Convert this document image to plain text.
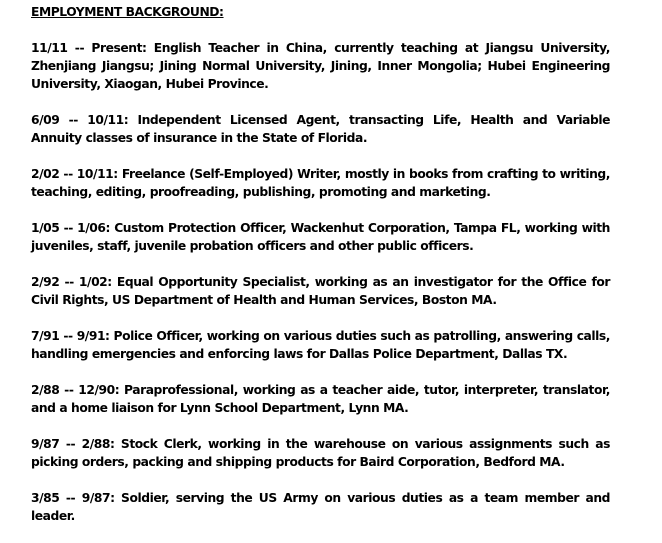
EMPLOYMENT BACKGROUND:

11/11 -- Present: English Teacher in China, currently teaching at Jiangsu University, Zhenjiang Jiangsu; Jining Normal University, Jining, Inner Mongolia; Hubei Engineering University, Xiaogan, Hubei Province.

6/09 -- 10/11: Independent Licensed Agent, transacting Life, Health and Variable Annuity classes of insurance in the State of Florida.

2/02 -- 10/11: Freelance (Self-Employed) Writer, mostly in books from crafting to writing, teaching, editing, proofreading, publishing, promoting and marketing.

1/05 -- 1/06: Custom Protection Officer, Wackenhut Corporation, Tampa FL, working with juveniles, staff, juvenile probation officers and other public officers.

2/92 -- 1/02: Equal Opportunity Specialist, working as an investigator for the Office for Civil Rights, US Department of Health and Human Services, Boston MA.

7/91 -- 9/91: Police Officer, working on various duties such as patrolling, answering calls, handling emergencies and enforcing laws for Dallas Police Department, Dallas TX.

2/88 -- 12/90: Paraprofessional, working as a teacher aide, tutor, interpreter, translator, and a home liaison for Lynn School Department, Lynn MA.

9/87 -- 2/88: Stock Clerk, working in the warehouse on various assignments such as picking orders, packing and shipping products for Baird Corporation, Bedford MA.

3/85 -- 9/87: Soldier, serving the US Army on various duties as a team member and leader.
